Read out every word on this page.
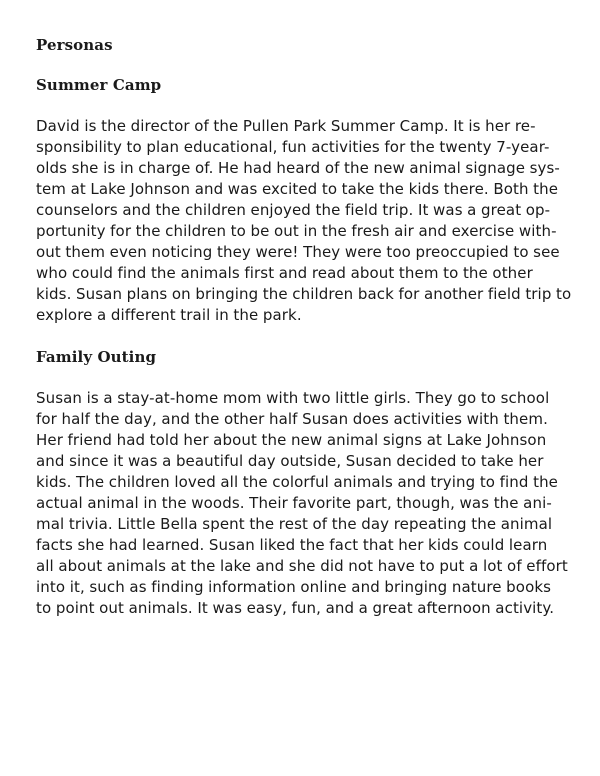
Personas
Summer Camp

David is the director of the Pullen Park Summer Camp. It is her re-
sponsibility to plan educational, fun activities for the twenty 7-year-
olds she is in charge of. He had heard of the new animal signage sys-
tem at Lake Johnson and was excited to take the kids there. Both the
counselors and the children enjoyed the field trip. It was a great op-
portunity for the children to be out in the fresh air and exercise with-
out them even noticing they were! They were too preoccupied to see
who could find the animals first and read about them to the other
kids. Susan plans on bringing the children back for another field trip to
explore a different trail in the park.

Family Outing

Susan is a stay-at-home mom with two little girls. They go to school
for half the day, and the other half Susan does activities with them.
Her friend had told her about the new animal signs at Lake Johnson
and since it was a beautiful day outside, Susan decided to take her
kids. The children loved all the colorful animals and trying to find the
actual animal in the woods. Their favorite part, though, was the ani-
mal trivia. Little Bella spent the rest of the day repeating the animal
facts she had learned. Susan liked the fact that her kids could learn
all about animals at the lake and she did not have to put a lot of effort
into it, such as finding information online and bringing nature books
to point out animals. It was easy, fun, and a great afternoon activity.
